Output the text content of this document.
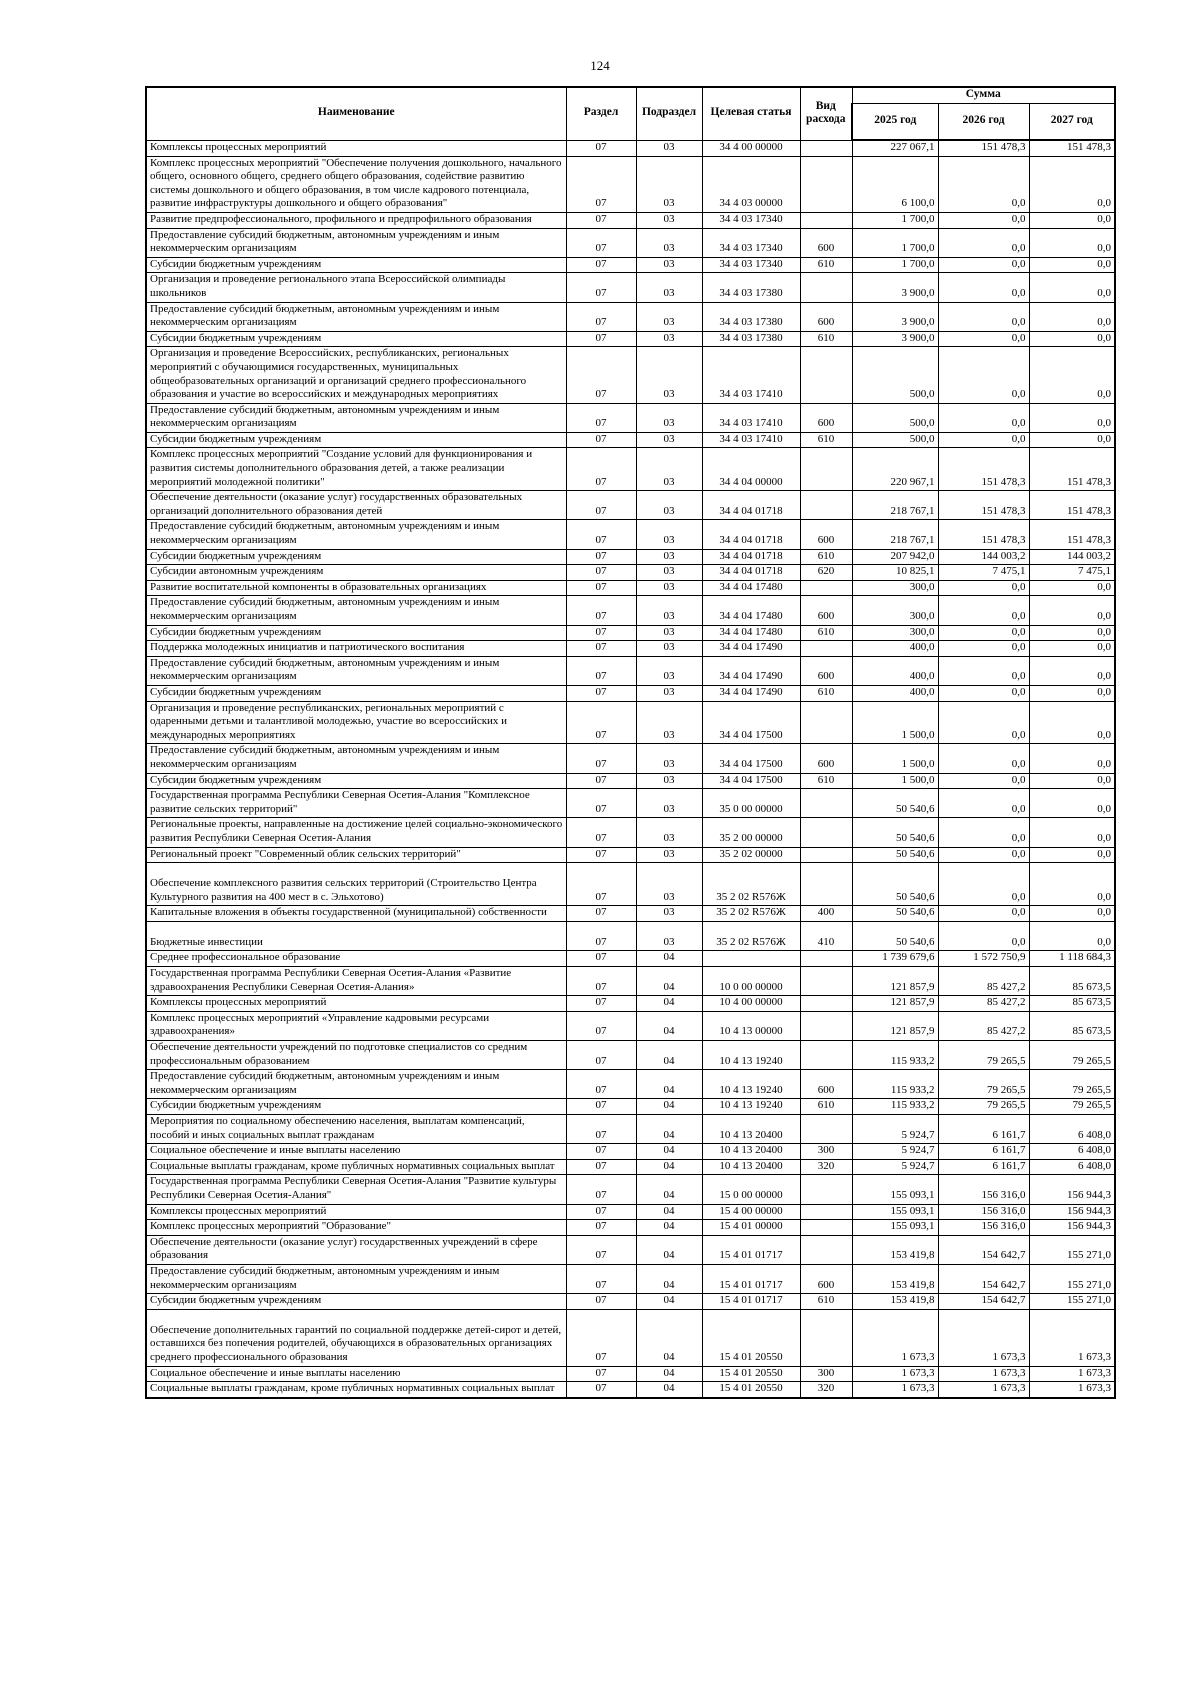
124
Наименование	Раздел	Подраздел	Целевая статья	Вид расхода	Сумма		
					2025 год	2026 год	2027 год
Комплексы процессных мероприятий	07	03	34 4 00 00000		227 067,1	151 478,3	151 478,3
Комплекс процессных мероприятий "Обеспечение получения дошкольного, начального общего, основного общего, среднего общего образования, содействие развитию системы дошкольного и общего образования, в том числе кадрового потенциала, развитие инфраструктуры дошкольного и общего образования"	07	03	34 4 03 00000		6 100,0	0,0	0,0
Развитие предпрофессионального, профильного и предпрофильного образования	07	03	34 4 03 17340		1 700,0	0,0	0,0
Предоставление субсидий бюджетным, автономным учреждениям и иным некоммерческим организациям	07	03	34 4 03 17340	600	1 700,0	0,0	0,0
Субсидии бюджетным учреждениям	07	03	34 4 03 17340	610	1 700,0	0,0	0,0
Организация и проведение регионального этапа Всероссийской олимпиады школьников	07	03	34 4 03 17380		3 900,0	0,0	0,0
Предоставление субсидий бюджетным, автономным учреждениям и иным некоммерческим организациям	07	03	34 4 03 17380	600	3 900,0	0,0	0,0
Субсидии бюджетным учреждениям	07	03	34 4 03 17380	610	3 900,0	0,0	0,0
Организация и проведение Всероссийских, республиканских, региональных мероприятий с обучающимися государственных, муниципальных общеобразовательных организаций и организаций среднего профессионального образования и участие во всероссийских и международных мероприятиях	07	03	34 4 03 17410		500,0	0,0	0,0
Предоставление субсидий бюджетным, автономным учреждениям и иным некоммерческим организациям	07	03	34 4 03 17410	600	500,0	0,0	0,0
Субсидии бюджетным учреждениям	07	03	34 4 03 17410	610	500,0	0,0	0,0
Комплекс процессных мероприятий "Создание условий для функционирования и развития системы дополнительного образования детей, а также реализации мероприятий молодежной политики"	07	03	34 4 04 00000		220 967,1	151 478,3	151 478,3
Обеспечение деятельности (оказание услуг) государственных образовательных организаций дополнительного образования детей	07	03	34 4 04 01718		218 767,1	151 478,3	151 478,3
Предоставление субсидий бюджетным, автономным учреждениям и иным некоммерческим организациям	07	03	34 4 04 01718	600	218 767,1	151 478,3	151 478,3
Субсидии бюджетным учреждениям	07	03	34 4 04 01718	610	207 942,0	144 003,2	144 003,2
Субсидии автономным учреждениям	07	03	34 4 04 01718	620	10 825,1	7 475,1	7 475,1
Развитие воспитательной компоненты в образовательных организациях	07	03	34 4 04 17480		300,0	0,0	0,0
Предоставление субсидий бюджетным, автономным учреждениям и иным некоммерческим организациям	07	03	34 4 04 17480	600	300,0	0,0	0,0
Субсидии бюджетным учреждениям	07	03	34 4 04 17480	610	300,0	0,0	0,0
Поддержка молодежных инициатив и патриотического воспитания	07	03	34 4 04 17490		400,0	0,0	0,0
Предоставление субсидий бюджетным, автономным учреждениям и иным некоммерческим организациям	07	03	34 4 04 17490	600	400,0	0,0	0,0
Субсидии бюджетным учреждениям	07	03	34 4 04 17490	610	400,0	0,0	0,0
Организация и проведение республиканских, региональных мероприятий с одаренными детьми и талантливой молодежью, участие во всероссийских и международных мероприятиях	07	03	34 4 04 17500		1 500,0	0,0	0,0
Предоставление субсидий бюджетным, автономным учреждениям и иным некоммерческим организациям	07	03	34 4 04 17500	600	1 500,0	0,0	0,0
Субсидии бюджетным учреждениям	07	03	34 4 04 17500	610	1 500,0	0,0	0,0
Государственная программа Республики Северная Осетия-Алания "Комплексное развитие сельских территорий"	07	03	35 0 00 00000		50 540,6	0,0	0,0
Региональные проекты, направленные на достижение целей социально-экономического развития Республики Северная Осетия-Алания	07	03	35 2 00 00000		50 540,6	0,0	0,0
Региональный проект "Современный облик сельских территорий"	07	03	35 2 02 00000		50 540,6	0,0	0,0
Обеспечение комплексного развития сельских территорий (Строительство Центра Культурного развития на 400 мест в с. Эльхотово)	07	03	35 2 02 R576Ж		50 540,6	0,0	0,0
Капитальные вложения в объекты государственной (муниципальной) собственности	07	03	35 2 02 R576Ж	400	50 540,6	0,0	0,0
Бюджетные инвестиции	07	03	35 2 02 R576Ж	410	50 540,6	0,0	0,0
Среднее профессиональное образование	07	04			1 739 679,6	1 572 750,9	1 118 684,3
Государственная программа Республики Северная Осетия-Алания «Развитие здравоохранения Республики Северная Осетия-Алания»	07	04	10 0 00 00000		121 857,9	85 427,2	85 673,5
Комплексы процессных мероприятий	07	04	10 4 00 00000		121 857,9	85 427,2	85 673,5
Комплекс процессных мероприятий «Управление кадровыми ресурсами здравоохранения»	07	04	10 4 13 00000		121 857,9	85 427,2	85 673,5
Обеспечение деятельности учреждений по подготовке специалистов со средним профессиональным образованием	07	04	10 4 13 19240		115 933,2	79 265,5	79 265,5
Предоставление субсидий бюджетным, автономным учреждениям и иным некоммерческим организациям	07	04	10 4 13 19240	600	115 933,2	79 265,5	79 265,5
Субсидии бюджетным учреждениям	07	04	10 4 13 19240	610	115 933,2	79 265,5	79 265,5
Мероприятия по социальному обеспечению населения, выплатам компенсаций, пособий и иных социальных выплат гражданам	07	04	10 4 13 20400		5 924,7	6 161,7	6 408,0
Социальное обеспечение и иные выплаты населению	07	04	10 4 13 20400	300	5 924,7	6 161,7	6 408,0
Социальные выплаты гражданам, кроме публичных нормативных социальных выплат	07	04	10 4 13 20400	320	5 924,7	6 161,7	6 408,0
Государственная программа Республики Северная Осетия-Алания "Развитие культуры Республики Северная Осетия-Алания"	07	04	15 0 00 00000		155 093,1	156 316,0	156 944,3
Комплексы процессных мероприятий	07	04	15 4 00 00000		155 093,1	156 316,0	156 944,3
Комплекс процессных мероприятий "Образование"	07	04	15 4 01 00000		155 093,1	156 316,0	156 944,3
Обеспечение деятельности (оказание услуг) государственных учреждений в сфере образования	07	04	15 4 01 01717		153 419,8	154 642,7	155 271,0
Предоставление субсидий бюджетным, автономным учреждениям и иным некоммерческим организациям	07	04	15 4 01 01717	600	153 419,8	154 642,7	155 271,0
Субсидии бюджетным учреждениям	07	04	15 4 01 01717	610	153 419,8	154 642,7	155 271,0
Обеспечение дополнительных гарантий по социальной поддержке детей-сирот и детей, оставшихся без попечения родителей, обучающихся в образовательных организациях среднего профессионального образования	07	04	15 4 01 20550		1 673,3	1 673,3	1 673,3
Социальное обеспечение и иные выплаты населению	07	04	15 4 01 20550	300	1 673,3	1 673,3	1 673,3
Социальные выплаты гражданам, кроме публичных нормативных социальных выплат	07	04	15 4 01 20550	320	1 673,3	1 673,3	1 673,3
